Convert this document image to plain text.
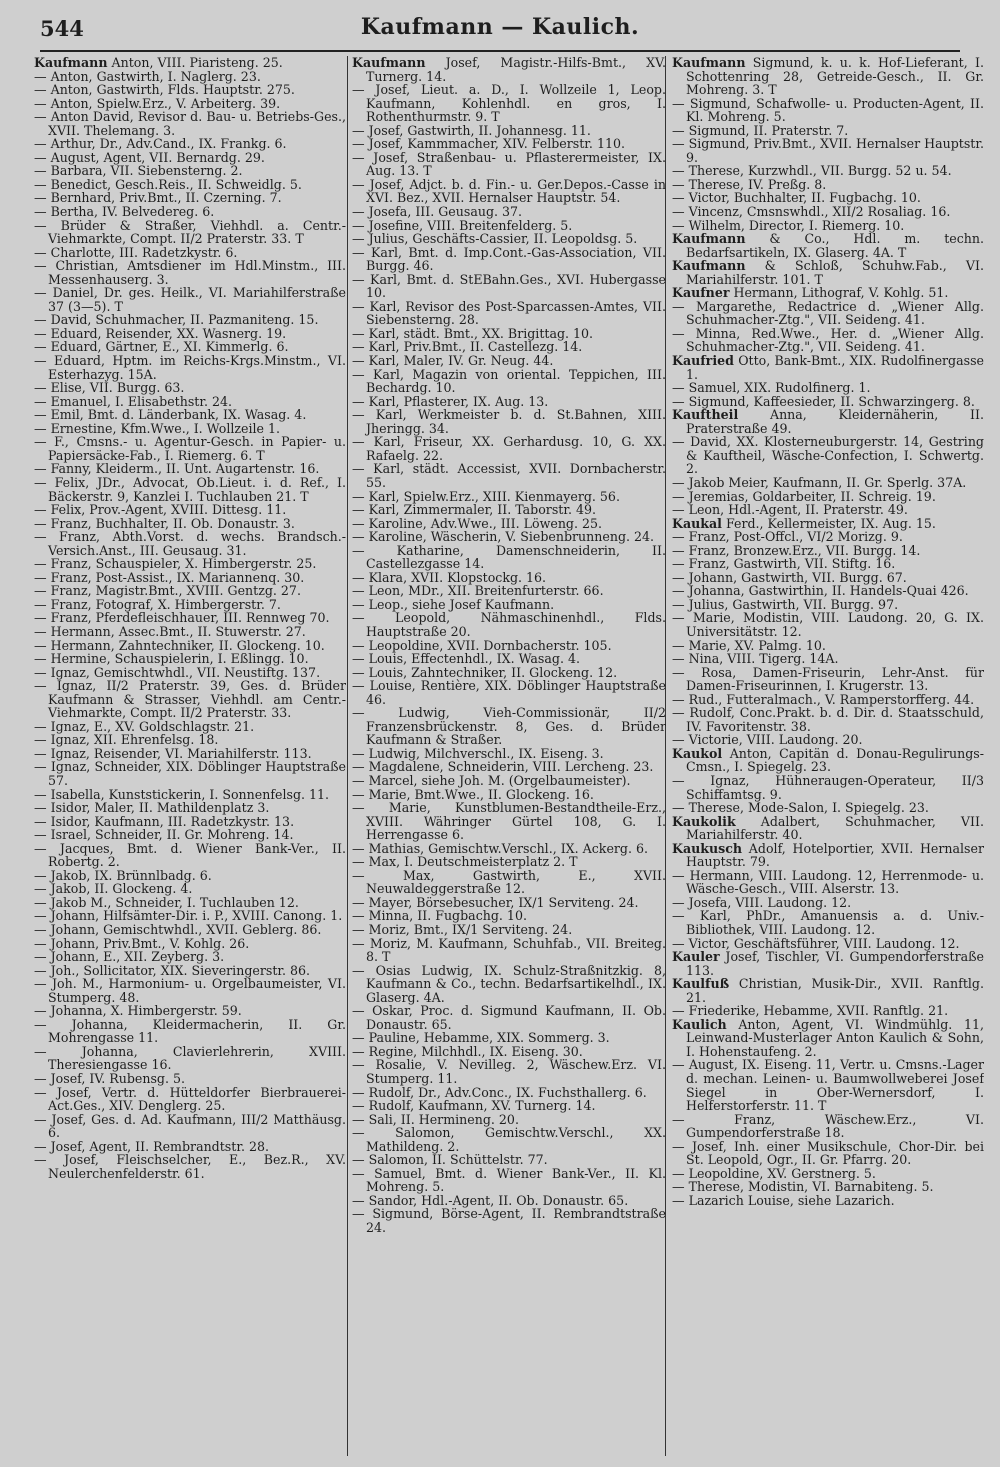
544	Kaufmann — Kaulich.
Kaufmann Anton, VIII. Piaristeng. 25.
— Anton, Gastwirth, I. Naglerg. 23.
— Anton, Gastwirth, Flds. Hauptstr. 275.
— Anton, Spielw.Erz., V. Arbeiterg. 39.
— Anton David, Revisor d. Bau- u. Betriebs-Ges., XVII. Thelemang. 3.
— Arthur, Dr., Adv.Cand., IX. Frankg. 6.
— August, Agent, VII. Bernardg. 29.
— Barbara, VII. Siebensterng. 2.
— Benedict, Gesch.Reis., II. Schweidlg. 5.
— Bernhard, Priv.Bmt., II. Czerning. 7.
— Bertha, IV. Belvedereg. 6.
— Brüder & Straßer, Viehhdl. a. Centr.-Viehmarkte, Compt. II/2 Praterstr. 33. T
— Charlotte, III. Radetzkystr. 6.
— Christian, Amtsdiener im Hdl.Minstm., III. Messenhauserg. 3.
— Daniel, Dr. ges. Heilk., VI. Mariahilferstraße 37 (3—5). T
— David, Schuhmacher, II. Pazmaniteng. 15.
— Eduard, Reisender, XX. Wasnerg. 19.
— Eduard, Gärtner, E., XI. Kimmerlg. 6.
— Eduard, Hptm. im Reichs-Krgs.Minstm., VI. Esterhazyg. 15A.
— Elise, VII. Burgg. 63.
— Emanuel, I. Elisabethstr. 24.
— Emil, Bmt. d. Länderbank, IX. Wasag. 4.
— Ernestine, Kfm.Wwe., I. Wollzeile 1.
— F., Cmsns.- u. Agentur-Gesch. in Papier- u. Papiersäcke-Fab., I. Riemerg. 6. T
— Fanny, Kleiderm., II. Unt. Augartenstr. 16.
— Felix, JDr., Advocat, Ob.Lieut. i. d. Ref., I. Bäckerstr. 9, Kanzlei I. Tuchlauben 21. T
— Felix, Prov.-Agent, XVIII. Dittesg. 11.
— Franz, Buchhalter, II. Ob. Donaustr. 3.
— Franz, Abth.Vorst. d. wechs. Brandsch.-Versich.Anst., III. Geusaug. 31.
— Franz, Schauspieler, X. Himbergerstr. 25.
— Franz, Post-Assist., IX. Mariannenq. 30.
— Franz, Magistr.Bmt., XVIII. Gentzg. 27.
— Franz, Fotograf, X. Himbergerstr. 7.
— Franz, Pferdefleischhauer, III. Rennweg 70.
— Hermann, Assec.Bmt., II. Stuwerstr. 27.
— Hermann, Zahntechniker, II. Glockeng. 10.
— Hermine, Schauspielerin, I. Eßlingg. 10.
— Ignaz, Gemischtwhdl., VII. Neustiftg. 137.
— Ignaz, II/2 Praterstr. 39, Ges. d. Brüder Kaufmann & Strasser, Viehhdl. am Centr.-Viehmarkte, Compt. II/2 Praterstr. 33.
— Ignaz, E., XV. Goldschlagstr. 21.
— Ignaz, XII. Ehrenfelsg. 18.
— Ignaz, Reisender, VI. Mariahilferstr. 113.
— Ignaz, Schneider, XIX. Döblinger Hauptstraße 57.
— Isabella, Kunststickerin, I. Sonnenfelsg. 11.
— Isidor, Maler, II. Mathildenplatz 3.
— Isidor, Kaufmann, III. Radetzkystr. 13.
— Israel, Schneider, II. Gr. Mohreng. 14.
— Jacques, Bmt. d. Wiener Bank-Ver., II. Robertg. 2.
— Jakob, IX. Brünnlbadg. 6.
— Jakob, II. Glockeng. 4.
— Jakob M., Schneider, I. Tuchlauben 12.
— Johann, Hilfsämter-Dir. i. P., XVIII. Canong. 1.
— Johann, Gemischtwhdl., XVII. Geblerg. 86.
— Johann, Priv.Bmt., V. Kohlg. 26.
— Johann, E., XII. Zeyberg. 3.
— Joh., Sollicitator, XIX. Sieveringerstr. 86.
— Joh. M., Harmonium- u. Orgelbaumeister, VI. Stumperg. 48.
— Johanna, X. Himbergerstr. 59.
— Johanna, Kleidermacherin, II. Gr. Mohrengasse 11.
— Johanna, Clavierlehrerin, XVIII. Theresiengasse 16.
— Josef, IV. Rubensg. 5.
— Josef, Vertr. d. Hütteldorfer Bierbrauerei-Act.Ges., XIV. Denglerg. 25.
— Josef, Ges. d. Ad. Kaufmann, III/2 Matthäusg. 6.
— Josef, Agent, II. Rembrandtstr. 28.
— Josef, Fleischselcher, E., Bez.R., XV. Neulerchenfelderstr. 61.
Kaufmann Josef, Magistr.-Hilfs-Bmt., XV. Turnerg. 14.
— Josef, Lieut. a. D., I. Wollzeile 1, Leop. Kaufmann, Kohlenhdl. en gros, I. Rothenthurmstr. 9. T
— Josef, Gastwirth, II. Johannesg. 11.
— Josef, Kammmacher, XIV. Felberstr. 110.
— Josef, Straßenbau- u. Pflasterermeister, IX. Aug. 13. T
— Josef, Adjct. b. d. Fin.- u. Ger.Depos.-Casse in XVI. Bez., XVII. Hernalser Hauptstr. 54.
— Josefa, III. Geusaug. 37.
— Josefine, VIII. Breitenfelderg. 5.
— Julius, Geschäfts-Cassier, II. Leopoldsg. 5.
— Karl, Bmt. d. Imp.Cont.-Gas-Association, VII. Burgg. 46.
— Karl, Bmt. d. StEBahn.Ges., XVI. Hubergasse 10.
— Karl, Revisor des Post-Sparcassen-Amtes, VII. Siebensterng. 28.
— Karl, städt. Bmt., XX. Brigittag. 10.
— Karl, Priv.Bmt., II. Castellezg. 14.
— Karl, Maler, IV. Gr. Neug. 44.
— Karl, Magazin von oriental. Teppichen, III. Bechardg. 10.
— Karl, Pflasterer, IX. Aug. 13.
— Karl, Werkmeister b. d. St.Bahnen, XIII. Jheringg. 34.
— Karl, Friseur, XX. Gerhardusg. 10, G. XX. Rafaelg. 22.
— Karl, städt. Accessist, XVII. Dornbacherstr. 55.
— Karl, Spielw.Erz., XIII. Kienmayerg. 56.
— Karl, Zimmermaler, II. Taborstr. 49.
— Karoline, Adv.Wwe., III. Löweng. 25.
— Karoline, Wäscherin, V. Siebenbrunneng. 24.
— Katharine, Damenschneiderin, II. Castellezgasse 14.
— Klara, XVII. Klopstockg. 16.
— Leon, MDr., XII. Breitenfurterstr. 66.
— Leop., siehe Josef Kaufmann.
— Leopold, Nähmaschinenhdl., Flds. Hauptstraße 20.
— Leopoldine, XVII. Dornbacherstr. 105.
— Louis, Effectenhdl., IX. Wasag. 4.
— Louis, Zahntechniker, II. Glockeng. 12.
— Louise, Rentière, XIX. Döblinger Hauptstraße 46.
— Ludwig, Vieh-Commissionär, II/2 Franzensbrückenstr. 8, Ges. d. Brüder Kaufmann & Straßer.
— Ludwig, Milchverschl., IX. Eiseng. 3.
— Magdalene, Schneiderin, VIII. Lercheng. 23.
— Marcel, siehe Joh. M. (Orgelbaumeister).
— Marie, Bmt.Wwe., II. Glockeng. 16.
— Marie, Kunstblumen-Bestandtheile-Erz., XVIII. Währinger Gürtel 108, G. I. Herrengasse 6.
— Mathias, Gemischtw.Verschl., IX. Ackerg. 6.
— Max, I. Deutschmeisterplatz 2. T
— Max, Gastwirth, E., XVII. Neuwaldeggerstraße 12.
— Mayer, Börsebesucher, IX/1 Serviteng. 24.
— Minna, II. Fugbachg. 10.
— Moriz, Bmt., IX/1 Serviteng. 24.
— Moriz, M. Kaufmann, Schuhfab., VII. Breiteg. 8. T
— Osias Ludwig, IX. Schulz-Straßnitzkig. 8, Kaufmann & Co., techn. Bedarfsartikelhdl., IX. Glaserg. 4A.
— Oskar, Proc. d. Sigmund Kaufmann, II. Ob. Donaustr. 65.
— Pauline, Hebamme, XIX. Sommerg. 3.
— Regine, Milchhdl., IX. Eiseng. 30.
— Rosalie, V. Nevilleg. 2, Wäschew.Erz. VI. Stumperg. 11.
— Rudolf, Dr., Adv.Conc., IX. Fuchsthallerg. 6.
— Rudolf, Kaufmann, XV. Turnerg. 14.
— Sali, II. Hermineng. 20.
— Salomon, Gemischtw.Verschl., XX. Mathildeng. 2.
— Salomon, II. Schüttelstr. 77.
— Samuel, Bmt. d. Wiener Bank-Ver., II. Kl. Mohreng. 5.
— Sandor, Hdl.-Agent, II. Ob. Donaustr. 65.
— Sigmund, Börse-Agent, II. Rembrandtstraße 24.
Kaufmann Sigmund, k. u. k. Hof-Lieferant, I. Schottenring 28, Getreide-Gesch., II. Gr. Mohreng. 3. T
— Sigmund, Schafwolle- u. Producten-Agent, II. Kl. Mohreng. 5.
— Sigmund, II. Praterstr. 7.
— Sigmund, Priv.Bmt., XVII. Hernalser Hauptstr. 9.
— Therese, Kurzwhdl., VII. Burgg. 52 u. 54.
— Therese, IV. Preßg. 8.
— Victor, Buchhalter, II. Fugbachg. 10.
— Vincenz, Cmsnswhdl., XII/2 Rosaliag. 16.
— Wilhelm, Director, I. Riemerg. 10.
Kaufmann & Co., Hdl. m. techn. Bedarfsartikeln, IX. Glaserg. 4A. T
Kaufmann & Schloß, Schuhw.Fab., VI. Mariahilferstr. 101. T
Kaufner Hermann, Lithograf, V. Kohlg. 51.
— Margarethe, Redactrice d. „Wiener Allg. Schuhmacher-Ztg.", VII. Seideng. 41.
— Minna, Red.Wwe., Her. d. „Wiener Allg. Schuhmacher-Ztg.", VII. Seideng. 41.
Kaufried Otto, Bank-Bmt., XIX. Rudolfinergasse 1.
— Samuel, XIX. Rudolfinerg. 1.
— Sigmund, Kaffeesieder, II. Schwarzingerg. 8.
Kauftheil	Anna, Kleidernäherin, II. Praterstraße 49.
— David, XX. Klosterneuburgerstr. 14, Gestring & Kauftheil, Wäsche-Confection, I. Schwertg. 2.
— Jakob Meier, Kaufmann, II. Gr. Sperlg. 37A.
— Jeremias, Goldarbeiter, II. Schreig. 19.
— Leon, Hdl.-Agent, II. Praterstr. 49.
Kaukal Ferd., Kellermeister, IX. Aug. 15.
— Franz, Post-Offcl., VI/2 Morizg. 9.
— Franz, Bronzew.Erz., VII. Burgg. 14.
— Franz, Gastwirth, VII. Stiftg. 16.
— Johann, Gastwirth, VII. Burgg. 67.
— Johanna, Gastwirthin, II. Handels-Quai 426.
— Julius, Gastwirth, VII. Burgg. 97.
— Marie, Modistin, VIII. Laudong. 20, G. IX. Universitätstr. 12.
— Marie, XV. Palmg. 10.
— Nina, VIII. Tigerg. 14A.
— Rosa, Damen-Friseurin, Lehr-Anst. für Damen-Friseurinnen, I. Krugerstr. 13.
— Rud., Futteralmach., V. Ramperstorfferg. 44.
— Rudolf, Conc.Prakt. b. d. Dir. d. Staatsschuld, IV. Favoritenstr. 38.
— Victorie, VIII. Laudong. 20.
Kaukol Anton, Capitän d. Donau-Regulirungs-Cmsn., I. Spiegelg. 23.
— Ignaz, Hühneraugen-Operateur, II/3 Schiffamtsg. 9.
— Therese, Mode-Salon, I. Spiegelg. 23.
Kaukolik Adalbert, Schuhmacher, VII. Mariahilferstr. 40.
Kaukusch Adolf, Hotelportier, XVII. Hernalser Hauptstr. 79.
— Hermann, VIII. Laudong. 12, Herrenmode- u. Wäsche-Gesch., VIII. Alserstr. 13.
— Josefa, VIII. Laudong. 12.
— Karl, PhDr., Amanuensis a. d. Univ.-Bibliothek, VIII. Laudong. 12.
— Victor, Geschäftsführer, VIII. Laudong. 12.
Kauler Josef, Tischler, VI. Gumpendorferstraße 113.
Kaulfuß Christian, Musik-Dir., XVII. Ranftlg. 21.
— Friederike, Hebamme, XVII. Ranftlg. 21.
Kaulich Anton, Agent, VI. Windmühlg. 11, Leinwand-Musterlager Anton Kaulich & Sohn, I. Hohenstaufeng. 2.
— August, IX. Eiseng. 11, Vertr. u. Cmsns.-Lager d. mechan. Leinen- u. Baumwollweberei Josef Siegel in Ober-Wernersdorf, I. Helferstorferstr. 11. T
— Franz, Wäschew.Erz., VI. Gumpendorferstraße 18.
— Josef, Inh. einer Musikschule, Chor-Dir. bei St. Leopold, Ogr., II. Gr. Pfarrg. 20.
— Leopoldine, XV. Gerstnerg. 5.
— Therese, Modistin, VI. Barnabiteng. 5.
— Lazarich Louise, siehe Lazarich.
